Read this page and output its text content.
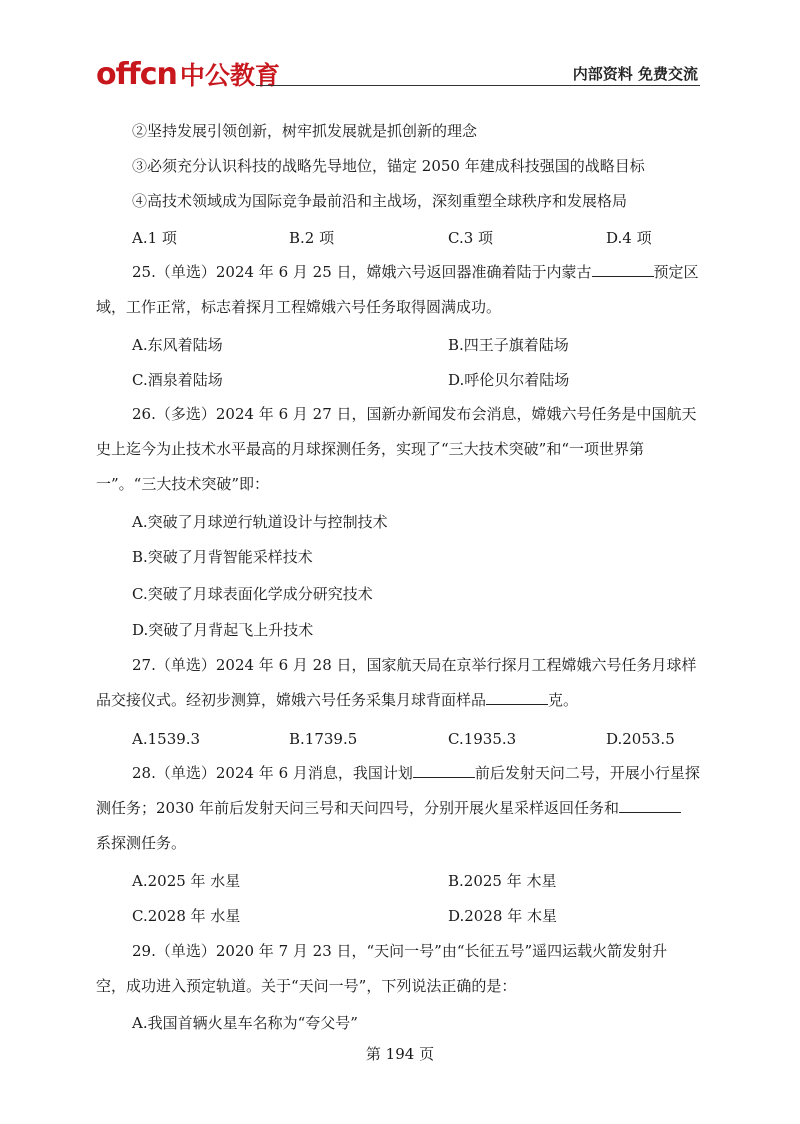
offcn 中公教育	内部资料 免费交流
②坚持发展引领创新，树牢抓发展就是抓创新的理念
③必须充分认识科技的战略先导地位，锚定 2050 年建成科技强国的战略目标
④高技术领域成为国际竞争最前沿和主战场，深刻重塑全球秩序和发展格局
A.1 项	B.2 项	C.3 项	D.4 项
25.（单选）2024 年 6 月 25 日，嫦娥六号返回器准确着陆于内蒙古	预定区
域，工作正常，标志着探月工程嫦娥六号任务取得圆满成功。
A.东风着陆场	B.四王子旗着陆场
C.酒泉着陆场	D.呼伦贝尔着陆场
26.（多选）2024 年 6 月 27 日，国新办新闻发布会消息，嫦娥六号任务是中国航天
史上迄今为止技术水平最高的月球探测任务，实现了“三大技术突破”和“一项世界第
一”。“三大技术突破”即：
A.突破了月球逆行轨道设计与控制技术
B.突破了月背智能采样技术
C.突破了月球表面化学成分研究技术
D.突破了月背起飞上升技术
27.（单选）2024 年 6 月 28 日，国家航天局在京举行探月工程嫦娥六号任务月球样
品交接仪式。经初步测算，嫦娥六号任务采集月球背面样品	克。
A.1539.3	B.1739.5	C.1935.3	D.2053.5
28.（单选）2024 年 6 月消息，我国计划	前后发射天问二号，开展小行星探
测任务；2030 年前后发射天问三号和天问四号，分别开展火星采样返回任务和
系探测任务。
A.2025 年 水星	B.2025 年 木星
C.2028 年 水星	D.2028 年 木星
29.（单选）2020 年 7 月 23 日，“天问一号”由“长征五号”遥四运载火箭发射升
空，成功进入预定轨道。关于“天问一号”，下列说法正确的是：
A.我国首辆火星车名称为“夸父号”
第 194 页
